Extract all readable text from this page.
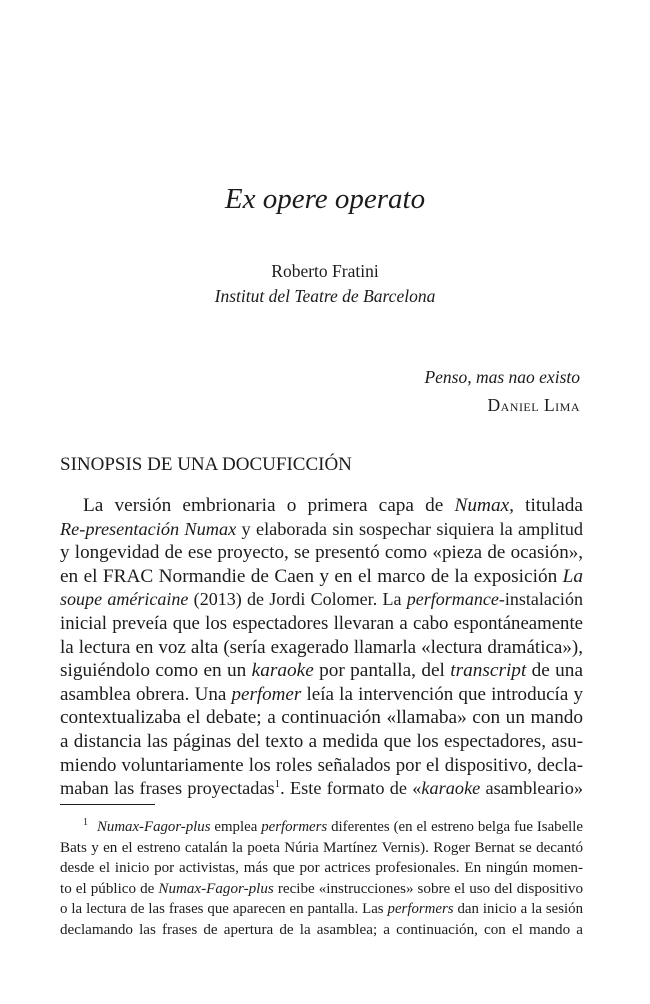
Ex opere operato
Roberto Fratini
Institut del Teatre de Barcelona
Penso, mas nao existo
Daniel Lima
SINOPSIS DE UNA DOCUFICCIÓN
La versión embrionaria o primera capa de Numax, titulada
Re-presentación Numax y elaborada sin sospechar siquiera la amplitud
y longevidad de ese proyecto, se presentó como «pieza de ocasión»,
en el FRAC Normandie de Caen y en el marco de la exposición La
soupe américaine (2013) de Jordi Colomer. La performance-instalación
inicial preveía que los espectadores llevaran a cabo espontáneamente
la lectura en voz alta (sería exagerado llamarla «lectura dramática»),
siguiéndolo como en un karaoke por pantalla, del transcript de una
asamblea obrera. Una perfomer leía la intervención que introducía y
contextualizaba el debate; a continuación «llamaba» con un mando
a distancia las páginas del texto a medida que los espectadores, asu-
miendo voluntariamente los roles señalados por el dispositivo, decla-
maban las frases proyectadas$^1$. Este formato de «karaoke asambleario»
$^1$ Numax-Fagor-plus emplea performers diferentes (en el estreno belga fue Isabelle
Bats y en el estreno catalán la poeta Núria Martínez Vernis). Roger Bernat se decantó
desde el inicio por activistas, más que por actrices profesionales. En ningún momen-
to el público de Numax-Fagor-plus recibe «instrucciones» sobre el uso del dispositivo
o la lectura de las frases que aparecen en pantalla. Las performers dan inicio a la sesión
declamando las frases de apertura de la asamblea; a continuación, con el mando a
